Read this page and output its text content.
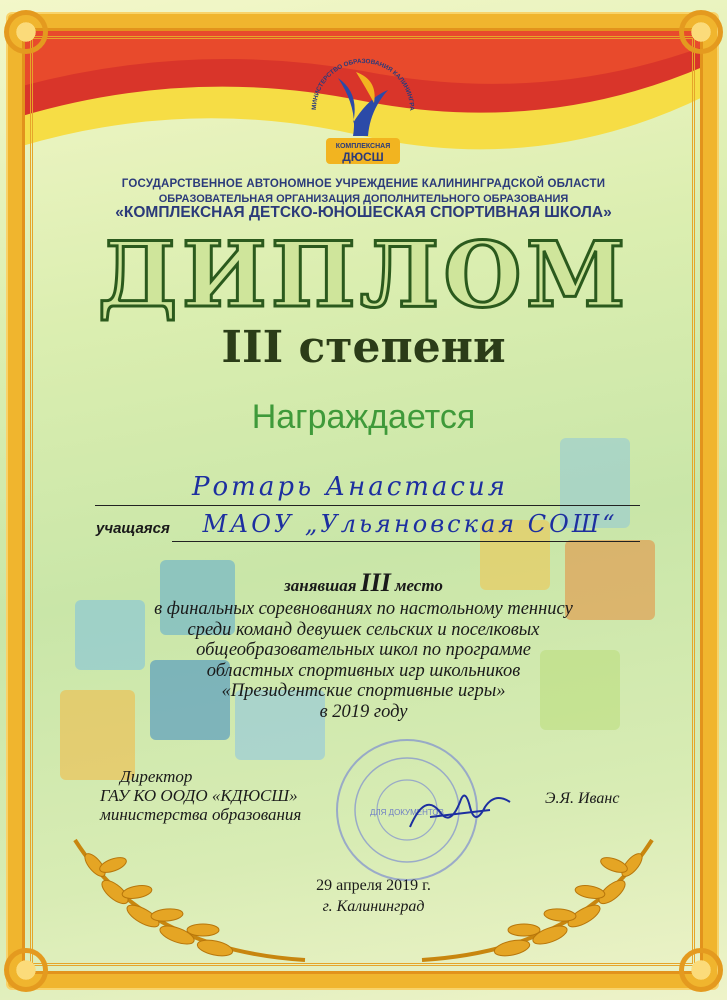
МИНИСТЕРСТВО ОБРАЗОВАНИЯ КАЛИНИНГРА
КОМПЛЕКСНАЯ
ДЮСШ
ГОСУДАРСТВЕННОЕ АВТОНОМНОЕ УЧРЕЖДЕНИЕ КАЛИНИНГРАДСКОЙ ОБЛАСТИ
ОБРАЗОВАТЕЛЬНАЯ ОРГАНИЗАЦИЯ ДОПОЛНИТЕЛЬНОГО ОБРАЗОВАНИЯ
«КОМПЛЕКСНАЯ ДЕТСКО-ЮНОШЕСКАЯ СПОРТИВНАЯ ШКОЛА»
ДИПЛОМ
III степени
Награждается
Ротарь Анастасия
учащаяся	МАОУ „Ульяновская СОШ“
занявшая III место
в финальных соревнованиях по настольному теннису
среди команд девушек сельских и поселковых
общеобразовательных школ по программе
областных спортивных игр школьников
«Президентские спортивные игры»
в 2019 году
ДЛЯ ДОКУМЕНТОВ
Директор
ГАУ КО ООДО «КДЮСШ»
министерства образования
Э.Я. Иванс
29 апреля 2019 г.
г. Калининград
